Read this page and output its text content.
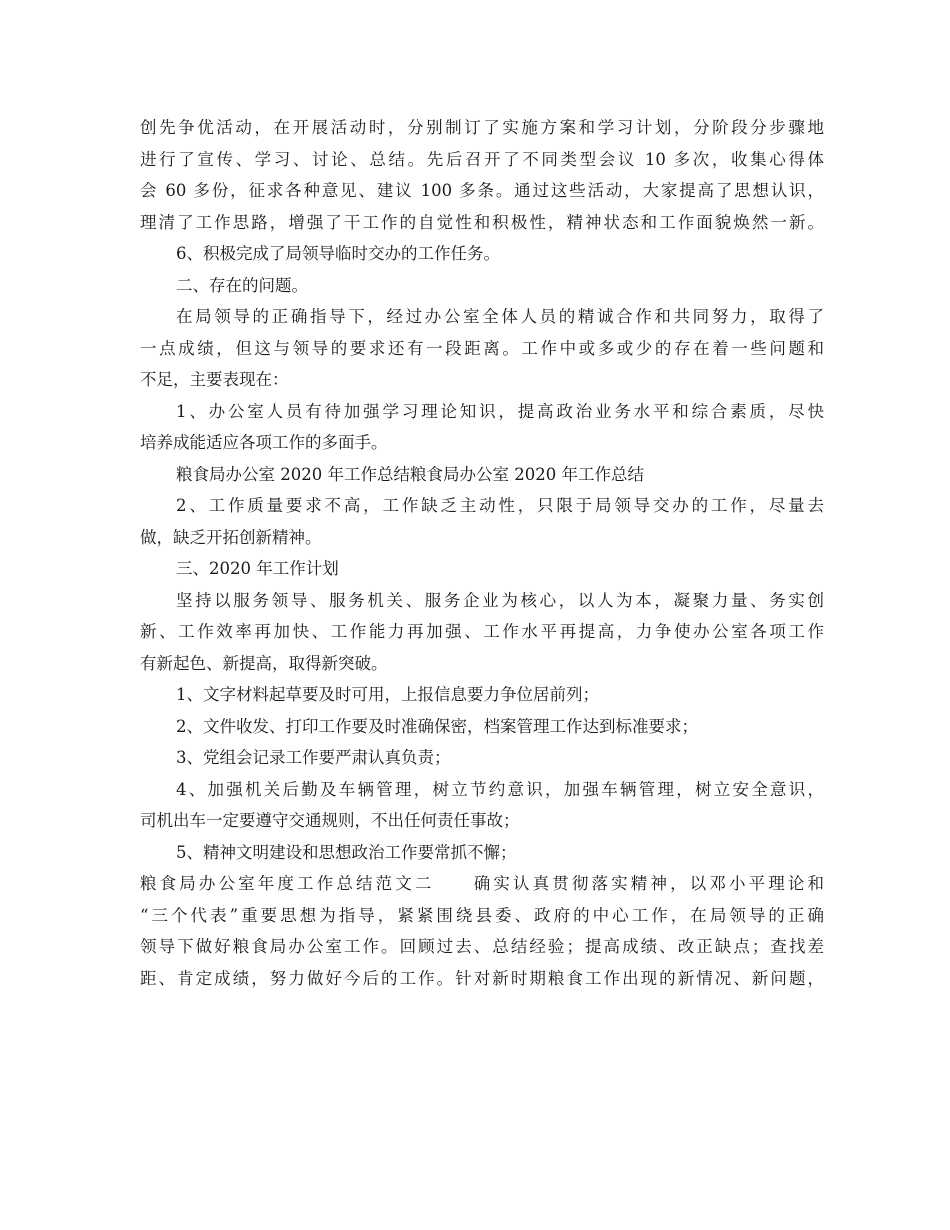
创先争优活动，在开展活动时，分别制订了实施方案和学习计划，分阶段分步骤地
进行了宣传、学习、讨论、总结。先后召开了不同类型会议 10 多次，收集心得体
会 60 多份，征求各种意见、建议 100 多条。通过这些活动，大家提高了思想认识，
理清了工作思路，增强了干工作的自觉性和积极性，精神状态和工作面貌焕然一新。
6、积极完成了局领导临时交办的工作任务。
二、存在的问题。
在局领导的正确指导下，经过办公室全体人员的精诚合作和共同努力，取得了
一点成绩，但这与领导的要求还有一段距离。工作中或多或少的存在着一些问题和
不足，主要表现在：
1、办公室人员有待加强学习理论知识，提高政治业务水平和综合素质，尽快
培养成能适应各项工作的多面手。
粮食局办公室 2020 年工作总结粮食局办公室 2020 年工作总结
2、工作质量要求不高，工作缺乏主动性，只限于局领导交办的工作，尽量去
做，缺乏开拓创新精神。
三、2020 年工作计划
坚持以服务领导、服务机关、服务企业为核心，以人为本，凝聚力量、务实创
新、工作效率再加快、工作能力再加强、工作水平再提高，力争使办公室各项工作
有新起色、新提高，取得新突破。
1、文字材料起草要及时可用，上报信息要力争位居前列；
2、文件收发、打印工作要及时准确保密，档案管理工作达到标准要求；
3、党组会记录工作要严肃认真负责；
4、加强机关后勤及车辆管理，树立节约意识，加强车辆管理，树立安全意识，
司机出车一定要遵守交通规则，不出任何责任事故；
5、精神文明建设和思想政治工作要常抓不懈；
粮食局办公室年度工作总结范文二　　确实认真贯彻落实精神，以邓小平理论和
“三个代表”重要思想为指导，紧紧围绕县委、政府的中心工作，在局领导的正确
领导下做好粮食局办公室工作。回顾过去、总结经验；提高成绩、改正缺点；查找差
距、肯定成绩，努力做好今后的工作。针对新时期粮食工作出现的新情况、新问题，
